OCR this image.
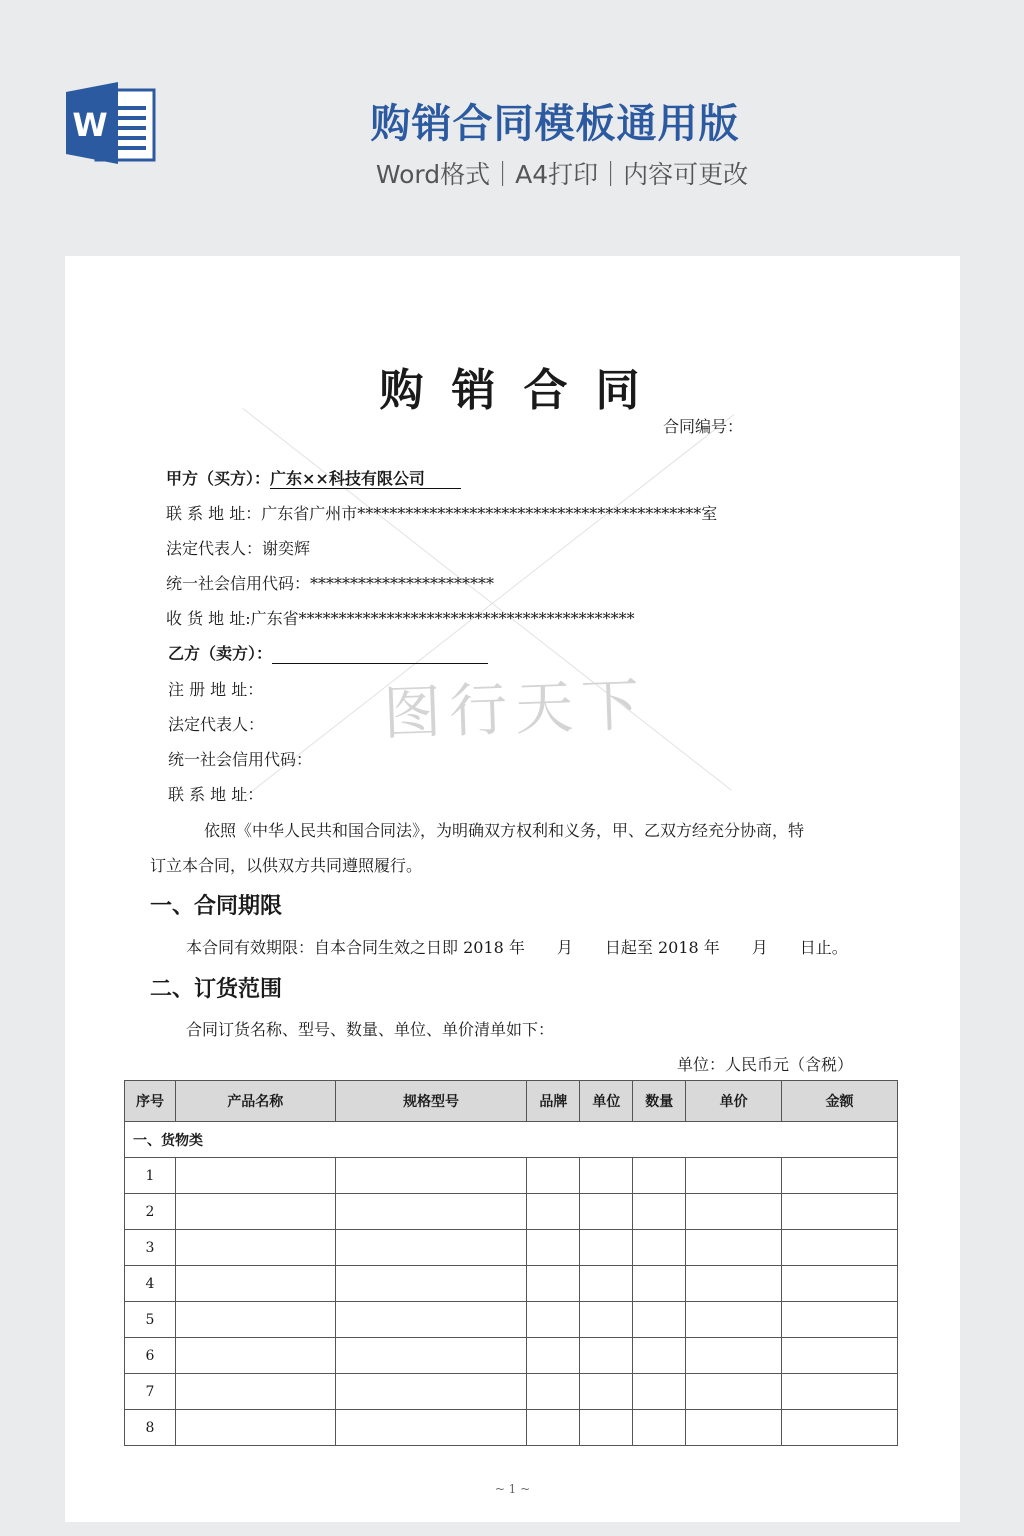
W	购销合同模板通用版
Word格式｜A4打印｜内容可更改
图行天下
购销合同
合同编号：
甲方（买方）：广东××科技有限公司
联 系 地 址：广东省广州市*******************************************室
法定代表人：谢奕辉
统一社会信用代码：***********************
收 货 地 址:广东省******************************************
乙方（卖方）：
注 册 地 址：
法定代表人：
统一社会信用代码：
联 系 地 址：
依照《中华人民共和国合同法》，为明确双方权利和义务，甲、乙双方经充分协商，特
订立本合同，以供双方共同遵照履行。
一、合同期限
本合同有效期限：自本合同生效之日即 2018 年　　月　　日起至 2018 年　　月　　日止。
二、订货范围
合同订货名称、型号、数量、单位、单价清单如下：
单位：人民币元（含税）
序号	产品名称	规格型号	品牌	单位	数量	单价	金额
一、货物类							
1							
2							
3							
4							
5							
6							
7							
8							
~ 1 ~
